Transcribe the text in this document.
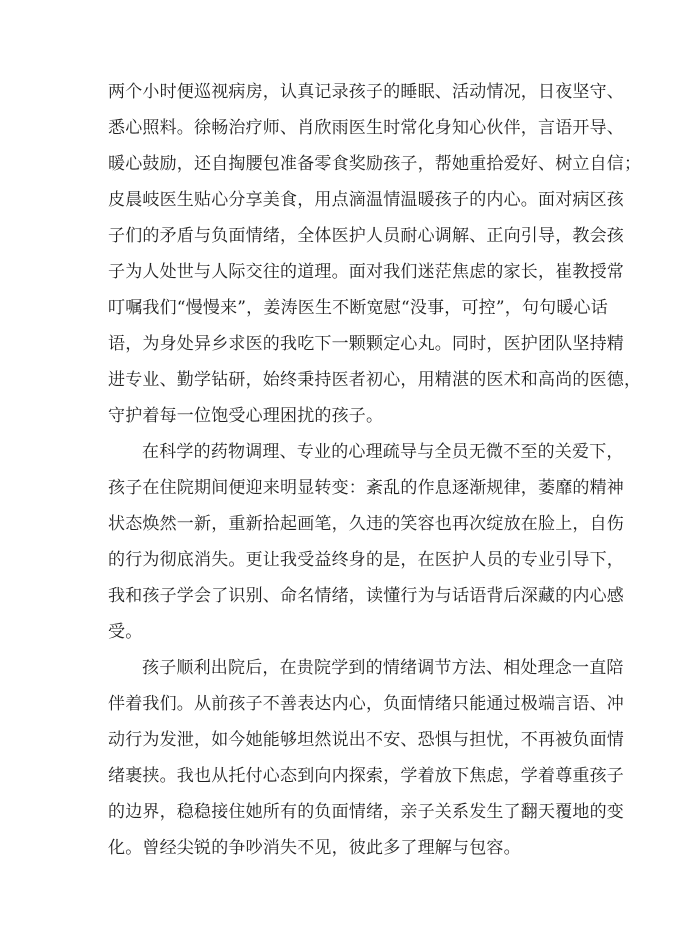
两个小时便巡视病房，认真记录孩子的睡眠、活动情况，日夜坚守、
悉心照料。徐畅治疗师、肖欣雨医生时常化身知心伙伴，言语开导、
暖心鼓励，还自掏腰包准备零食奖励孩子，帮她重拾爱好、树立自信；
皮晨岐医生贴心分享美食，用点滴温情温暖孩子的内心。面对病区孩
子们的矛盾与负面情绪，全体医护人员耐心调解、正向引导，教会孩
子为人处世与人际交往的道理。面对我们迷茫焦虑的家长，崔教授常
叮嘱我们“慢慢来”，姜涛医生不断宽慰“没事，可控”，句句暖心话
语，为身处异乡求医的我吃下一颗颗定心丸。同时，医护团队坚持精
进专业、勤学钻研，始终秉持医者初心，用精湛的医术和高尚的医德，
守护着每一位饱受心理困扰的孩子。
在科学的药物调理、专业的心理疏导与全员无微不至的关爱下，
孩子在住院期间便迎来明显转变：紊乱的作息逐渐规律，萎靡的精神
状态焕然一新，重新拾起画笔，久违的笑容也再次绽放在脸上，自伤
的行为彻底消失。更让我受益终身的是，在医护人员的专业引导下，
我和孩子学会了识别、命名情绪，读懂行为与话语背后深藏的内心感
受。
孩子顺利出院后，在贵院学到的情绪调节方法、相处理念一直陪
伴着我们。从前孩子不善表达内心，负面情绪只能通过极端言语、冲
动行为发泄，如今她能够坦然说出不安、恐惧与担忧，不再被负面情
绪裹挟。我也从托付心态到向内探索，学着放下焦虑，学着尊重孩子
的边界，稳稳接住她所有的负面情绪，亲子关系发生了翻天覆地的变
化。曾经尖锐的争吵消失不见，彼此多了理解与包容。
